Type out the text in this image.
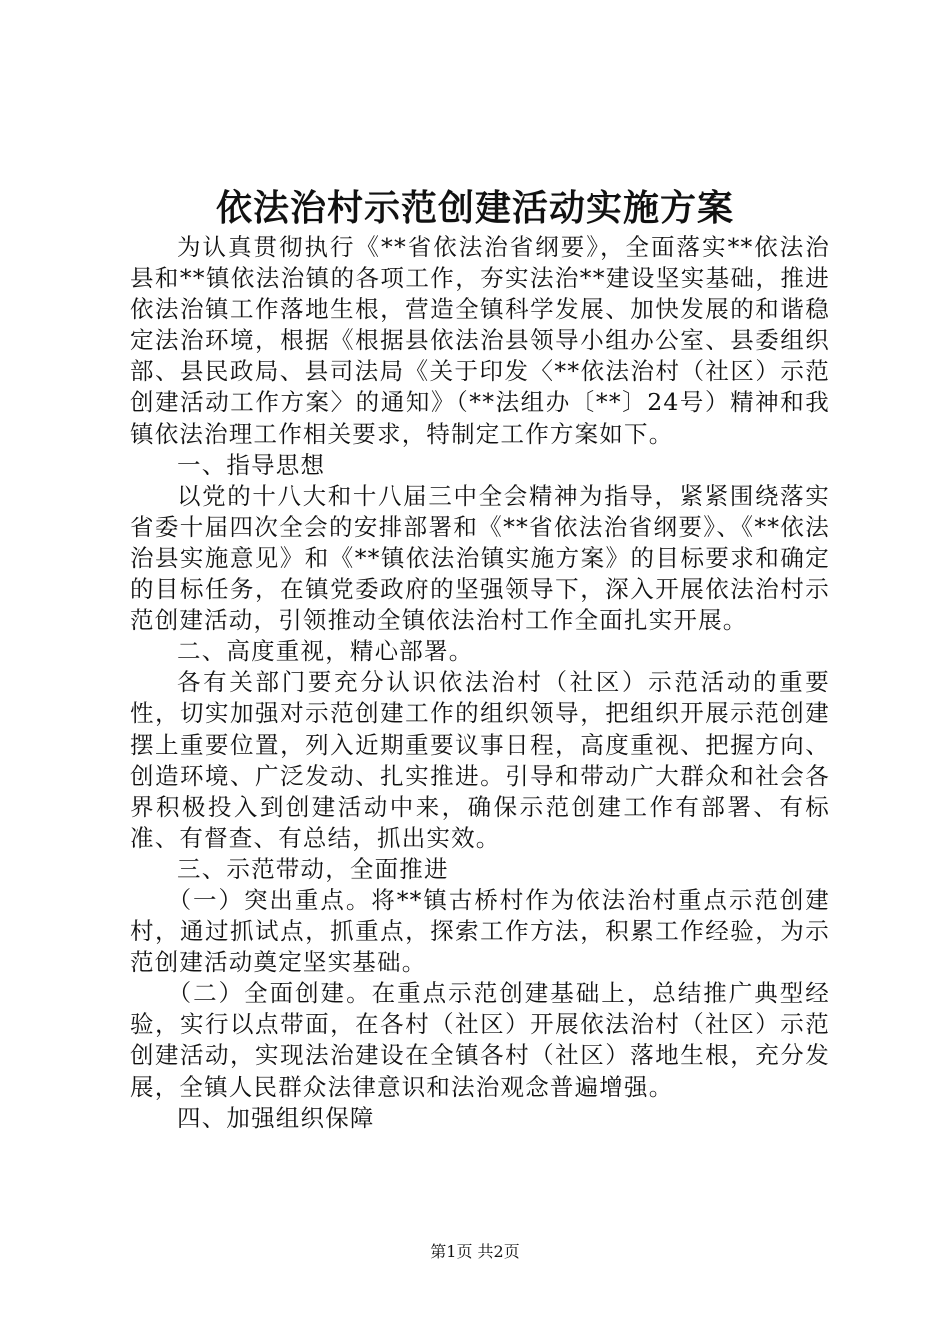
依法治村示范创建活动实施方案

为认真贯彻执行《**省依法治省纲要》，全面落实**依法治县和**镇依法治镇的各项工作，夯实法治**建设坚实基础，推进依法治镇工作落地生根，营造全镇科学发展、加快发展的和谐稳定法治环境，根据《根据县依法治县领导小组办公室、县委组织部、县民政局、县司法局《关于印发〈**依法治村（社区）示范创建活动工作方案〉的通知》（**法组办〔**〕24号）精神和我镇依法治理工作相关要求，特制定工作方案如下。

一、指导思想

以党的十八大和十八届三中全会精神为指导，紧紧围绕落实省委十届四次全会的安排部署和《**省依法治省纲要》、《**依法治县实施意见》和《**镇依法治镇实施方案》的目标要求和确定的目标任务，在镇党委政府的坚强领导下，深入开展依法治村示范创建活动，引领推动全镇依法治村工作全面扎实开展。

二、高度重视，精心部署。

各有关部门要充分认识依法治村（社区）示范活动的重要性，切实加强对示范创建工作的组织领导，把组织开展示范创建摆上重要位置，列入近期重要议事日程，高度重视、把握方向、创造环境、广泛发动、扎实推进。引导和带动广大群众和社会各界积极投入到创建活动中来，确保示范创建工作有部署、有标准、有督查、有总结，抓出实效。

三、示范带动，全面推进

（一）突出重点。将**镇古桥村作为依法治村重点示范创建村，通过抓试点，抓重点，探索工作方法，积累工作经验，为示范创建活动奠定坚实基础。

（二）全面创建。在重点示范创建基础上，总结推广典型经验，实行以点带面，在各村（社区）开展依法治村（社区）示范创建活动，实现法治建设在全镇各村（社区）落地生根，充分发展，全镇人民群众法律意识和法治观念普遍增强。

四、加强组织保障

第1页 共2页
